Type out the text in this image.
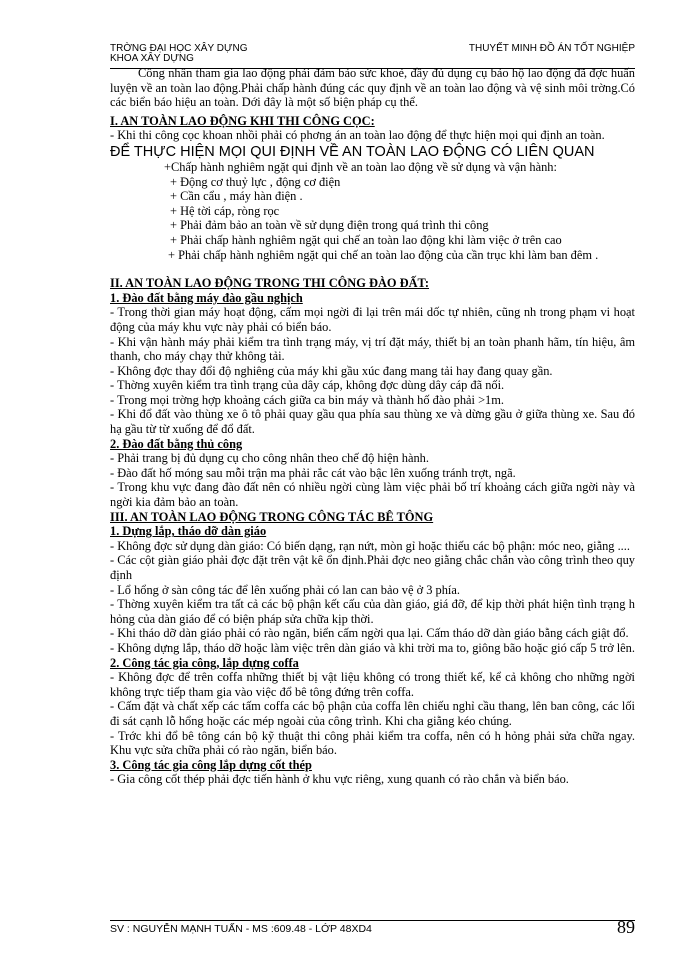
TRỜNG ĐẠI HỌC XÂY DỰNG
KHOA XÂY DỰNG
THUYẾT MINH ĐỒ ÁN TỐT NGHIỆP

Công nhân tham gia lao động phải đảm bảo sức khoẻ, đầy đủ dụng cụ bảo hộ lao động đã đợc huấn luyện về an toàn lao động.Phải chấp hành đúng các quy định về an toàn lao động và vệ sinh môi trờng.Có các biển báo hiệu an toàn. Dới đây là một số biện pháp cụ thể.

I. AN TOÀN LAO ĐỘNG KHI THI CÔNG CỌC:

- Khi thi công cọc khoan nhồi phải có phơng án an toàn lao động để thực hiện mọi qui định an toàn.

ĐỂ THỰC HIỆN MỌI QUI ĐỊNH VỀ AN TOÀN LAO ĐỘNG CÓ LIÊN QUAN

+Chấp hành nghiêm ngặt qui định về an toàn lao động về sử dụng và vận hành:

+ Động cơ thuỷ lực , động cơ điện

+ Cần cẩu , máy hàn điện .

+ Hệ tời cáp, ròng rọc

+ Phải đảm bảo an toàn về sử dụng điện trong quá trình thi công

+ Phải chấp hành nghiêm ngặt qui chế an toàn lao động khi làm việc ở trên cao

+ Phải chấp hành nghiêm ngặt qui chế an toàn lao động của cần trục khi làm ban đêm .

II. AN TOÀN LAO ĐỘNG TRONG THI CÔNG ĐÀO ĐẤT:

1. Đào đất bằng máy đào gầu nghịch

- Trong thời gian máy hoạt động, cấm mọi ngời đi lại trên mái dốc tự nhiên, cũng nh trong phạm vi hoạt động của máy khu vực này phải có biển báo.

- Khi vận hành máy phải kiểm tra tình trạng máy, vị trí đặt máy, thiết bị an toàn phanh hãm, tín hiệu, âm thanh, cho máy chạy thử không tải.

- Không đợc thay đổi độ nghiêng của máy khi gầu xúc đang mang tải hay đang quay gần.

- Thờng xuyên kiểm tra tình trạng của dây cáp, không đợc dùng dây cáp đã nối.

- Trong mọi trờng hợp khoảng cách giữa ca bin máy và thành hố đào phải >1m.

- Khi đổ đất vào thùng xe ô tô phải quay gầu qua phía sau thùng xe và dừng gầu ở giữa thùng xe. Sau đó hạ gầu từ từ xuống để đổ đất.

2. Đào đất bằng thủ công

- Phải trang bị đủ dụng cụ cho công nhân theo chế độ hiện hành.

- Đào đất hố móng sau mỗi trận ma phải rắc cát vào bậc lên xuống tránh trợt, ngã.

- Trong khu vực đang đào đất nên có nhiều ngời cùng làm việc phải bố trí khoảng cách giữa ngời này và ngời kia đảm bảo an toàn.

III. AN TOÀN LAO ĐỘNG TRONG CÔNG TÁC BÊ TÔNG

1. Dựng lắp, tháo dỡ dàn giáo

- Không đợc sử dụng dàn giáo: Có biến dạng, rạn nứt, mòn gỉ hoặc thiếu các bộ phận: móc neo, giằng ....

- Các cột giàn giáo phải đợc đặt trên vật kê ổn định.Phải đợc neo giằng chắc chắn vào công trình theo quy định

- Lổ hổng ở sàn công tác để lên xuống phải có lan can bảo vệ ở 3 phía.

- Thờng xuyên kiểm tra tất cả các bộ phận kết cấu của dàn giáo, giá đỡ, để kịp thời phát hiện tình trạng h hỏng của dàn giáo để có biện pháp sửa chữa kịp thời.

- Khi tháo dỡ dàn giáo phải có rào ngăn, biển cấm ngời qua lại. Cấm tháo dỡ dàn giáo bằng cách giật đổ.

- Không dựng lắp, tháo dỡ hoặc làm việc trên dàn giáo và khi trời ma to, giông bão hoặc gió cấp 5 trở lên.

2. Công tác gia công, lắp dựng coffa

- Không đợc để trên coffa những thiết bị vật liệu không có trong thiết kế, kể cả không cho những ngời không trực tiếp tham gia vào việc đổ bê tông đứng trên coffa.

- Cấm đặt và chất xếp các tấm coffa các bộ phận của coffa lên chiếu nghỉ cầu thang, lên ban công, các lối đi sát cạnh lỗ hổng hoặc các mép ngoài của công trình. Khi cha giằng kéo chúng.

- Trớc khi đổ bê tông cán bộ kỹ thuật thi công phải kiểm tra coffa, nên có h hỏng phải sửa chữa ngay. Khu vực sửa chữa phải có rào ngăn, biển báo.

3. Công tác gia công lắp dựng cốt thép

- Gia công cốt thép phải đợc tiến hành ở khu vực riêng, xung quanh có rào chắn và biển báo.

SV : NGUYỄN MẠNH TUẤN - MS :609.48 - LỚP 48XD4	89
